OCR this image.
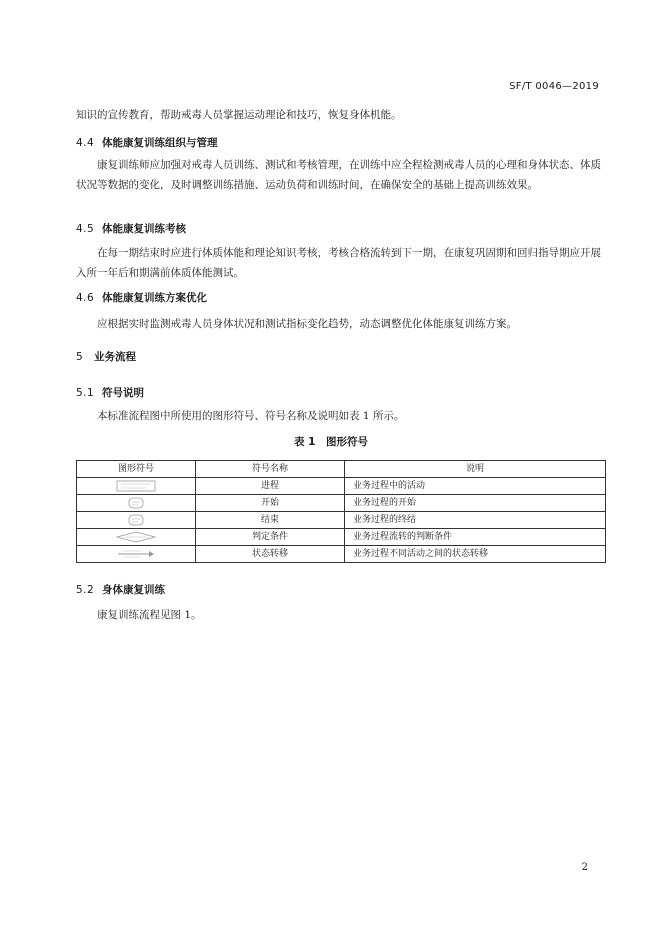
SF/T 0046—2019

知识的宣传教育，帮助戒毒人员掌握运动理论和技巧，恢复身体机能。

4.4 体能康复训练组织与管理

康复训练师应加强对戒毒人员训练、测试和考核管理，在训练中应全程检测戒毒人员的心理和身体状态、体质状况等数据的变化，及时调整训练措施、运动负荷和训练时间，在确保安全的基础上提高训练效果。

4.5 体能康复训练考核

在每一期结束时应进行体质体能和理论知识考核，考核合格流转到下一期，在康复巩固期和回归指导期应开展入所一年后和期满前体质体能测试。

4.6 体能康复训练方案优化

应根据实时监测戒毒人员身体状况和测试指标变化趋势，动态调整优化体能康复训练方案。

5 业务流程
5.1 符号说明

本标准流程图中所使用的图形符号、符号名称及说明如表 1 所示。

表 1　图形符号
图形符号	符号名称	说明
	进程	业务过程中的活动
	开始	业务过程的开始
	结束	业务过程的终结
	判定条件	业务过程流转的判断条件
	状态转移	业务过程不同活动之间的状态转移
5.2 身体康复训练

康复训练流程见图 1。

2
